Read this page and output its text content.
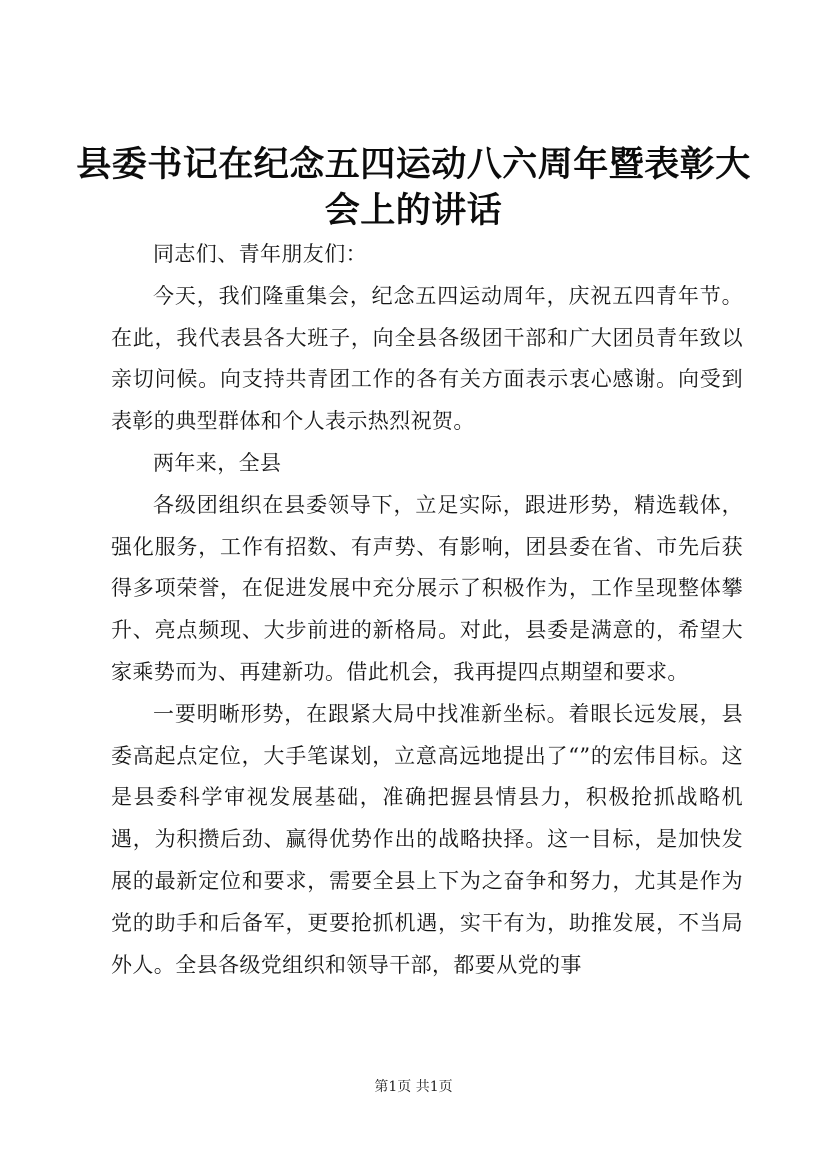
县委书记在纪念五四运动八六周年暨表彰大会上的讲话

同志们、青年朋友们：

今天，我们隆重集会，纪念五四运动周年，庆祝五四青年节。在此，我代表县各大班子，向全县各级团干部和广大团员青年致以亲切问候。向支持共青团工作的各有关方面表示衷心感谢。向受到表彰的典型群体和个人表示热烈祝贺。

两年来，全县

各级团组织在县委领导下，立足实际，跟进形势，精选载体，强化服务，工作有招数、有声势、有影响，团县委在省、市先后获得多项荣誉，在促进发展中充分展示了积极作为，工作呈现整体攀升、亮点频现、大步前进的新格局。对此，县委是满意的，希望大家乘势而为、再建新功。借此机会，我再提四点期望和要求。

一要明晰形势，在跟紧大局中找准新坐标。着眼长远发展，县委高起点定位，大手笔谋划，立意高远地提出了“”的宏伟目标。这是县委科学审视发展基础，准确把握县情县力，积极抢抓战略机遇，为积攒后劲、赢得优势作出的战略抉择。这一目标，是加快发展的最新定位和要求，需要全县上下为之奋争和努力，尤其是作为党的助手和后备军，更要抢抓机遇，实干有为，助推发展，不当局外人。全县各级党组织和领导干部，都要从党的事

第1页 共1页
